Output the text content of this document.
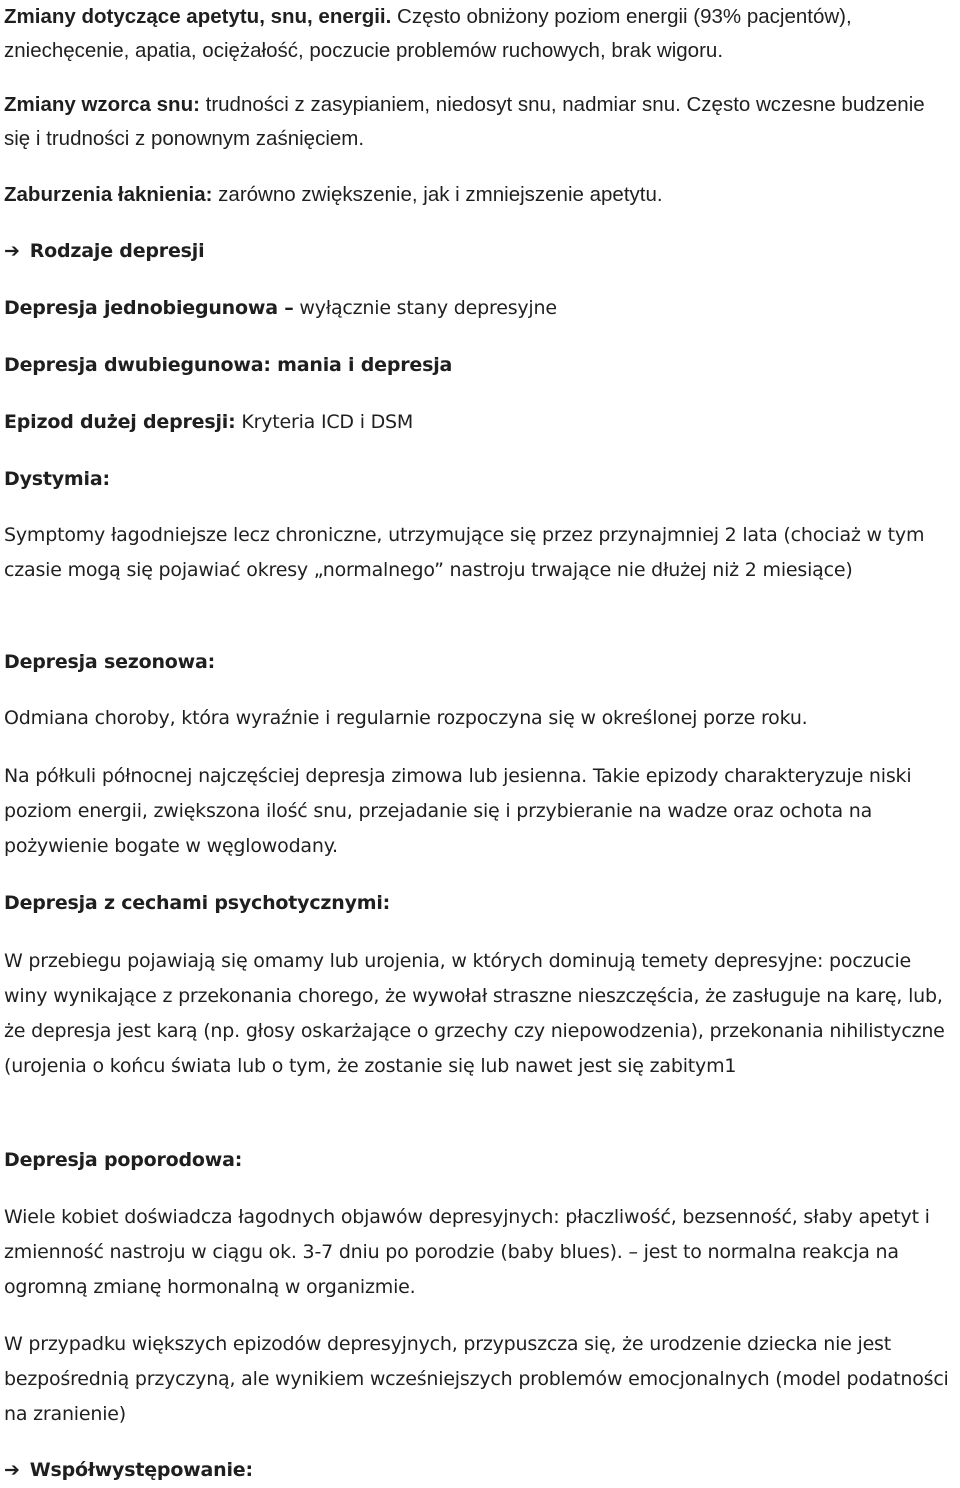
Zmiany dotyczące apetytu, snu, energii. Często obniżony poziom energii (93% pacjentów), zniechęcenie, apatia, ociężałość, poczucie problemów ruchowych, brak wigoru.

Zmiany wzorca snu: trudności z zasypianiem, niedosyt snu, nadmiar snu. Często wczesne budzenie się i trudności z ponownym zaśnięciem.

Zaburzenia łaknienia: zarówno zwiększenie, jak i zmniejszenie apetytu.

➔ Rodzaje depresji

Depresja jednobiegunowa – wyłącznie stany depresyjne

Depresja dwubiegunowa: mania i depresja

Epizod dużej depresji: Kryteria ICD i DSM

Dystymia:

Symptomy łagodniejsze lecz chroniczne, utrzymujące się przez przynajmniej 2 lata (chociaż w tym czasie mogą się pojawiać okresy „normalnego” nastroju trwające nie dłużej niż 2 miesiące)

Depresja sezonowa:

Odmiana choroby, która wyraźnie i regularnie rozpoczyna się w określonej porze roku.

Na półkuli północnej najczęściej depresja zimowa lub jesienna. Takie epizody charakteryzuje niski poziom energii, zwiększona ilość snu, przejadanie się i przybieranie na wadze oraz ochota na pożywienie bogate w węglowodany.

Depresja z cechami psychotycznymi:

W przebiegu pojawiają się omamy lub urojenia, w których dominują temety depresyjne: poczucie winy wynikające z przekonania chorego, że wywołał straszne nieszczęścia, że zasługuje na karę, lub, że depresja jest karą (np. głosy oskarżające o grzechy czy niepowodzenia), przekonania nihilistyczne (urojenia o końcu świata lub o tym, że zostanie się lub nawet jest się zabitym1

Depresja poporodowa:

Wiele kobiet doświadcza łagodnych objawów depresyjnych: płaczliwość, bezsenność, słaby apetyt i zmienność nastroju w ciągu ok. 3-7 dniu po porodzie (baby blues). – jest to normalna reakcja na ogromną zmianę hormonalną w organizmie.

W przypadku większych epizodów depresyjnych, przypuszcza się, że urodzenie dziecka nie jest bezpośrednią przyczyną, ale wynikiem wcześniejszych problemów emocjonalnych (model podatności na zranienie)

➔ Współwystępowanie:
